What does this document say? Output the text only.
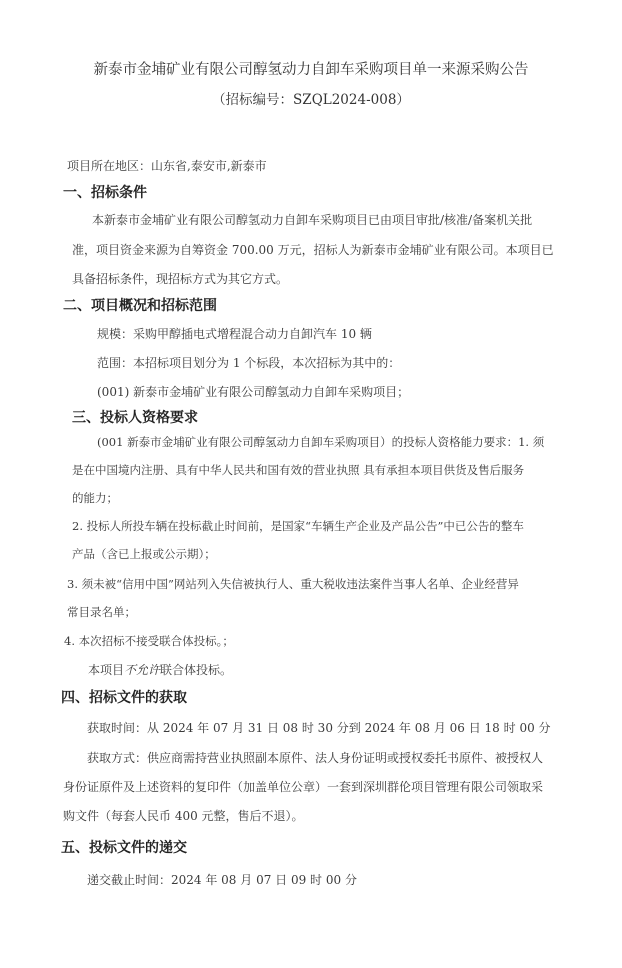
新泰市金埔矿业有限公司醇氢动力自卸车采购项目单一来源采购公告
（招标编号：SZQL2024-008）
项目所在地区：山东省,泰安市,新泰市
一、招标条件
本新泰市金埔矿业有限公司醇氢动力自卸车采购项目已由项目审批/核准/备案机关批
准，项目资金来源为自筹资金 700.00 万元，招标人为新泰市金埔矿业有限公司。本项目已
具备招标条件，现招标方式为其它方式。
二、项目概况和招标范围
规模：采购甲醇插电式增程混合动力自卸汽车 10 辆
范围：本招标项目划分为 1 个标段，本次招标为其中的：
(001) 新泰市金埔矿业有限公司醇氢动力自卸车采购项目；
三、投标人资格要求
(001 新泰市金埔矿业有限公司醇氢动力自卸车采购项目）的投标人资格能力要求：1. 须
是在中国境内注册、具有中华人民共和国有效的营业执照 具有承担本项目供货及售后服务
的能力；
2. 投标人所投车辆在投标截止时间前，是国家“车辆生产企业及产品公告”中已公告的整车
产品（含已上报或公示期）；
3. 须未被“信用中国”网站列入失信被执行人、重大税收违法案件当事人名单、企业经营异
常目录名单；
4. 本次招标不接受联合体投标。；
本项目不允许联合体投标。
四、招标文件的获取
获取时间：从 2024 年 07 月 31 日 08 时 30 分到 2024 年 08 月 06 日 18 时 00 分
获取方式：供应商需持营业执照副本原件、法人身份证明或授权委托书原件、被授权人
身份证原件及上述资料的复印件（加盖单位公章）一套到深圳群伦项目管理有限公司领取采
购文件（每套人民币 400 元整，售后不退）。
五、投标文件的递交
递交截止时间：2024 年 08 月 07 日 09 时 00 分
